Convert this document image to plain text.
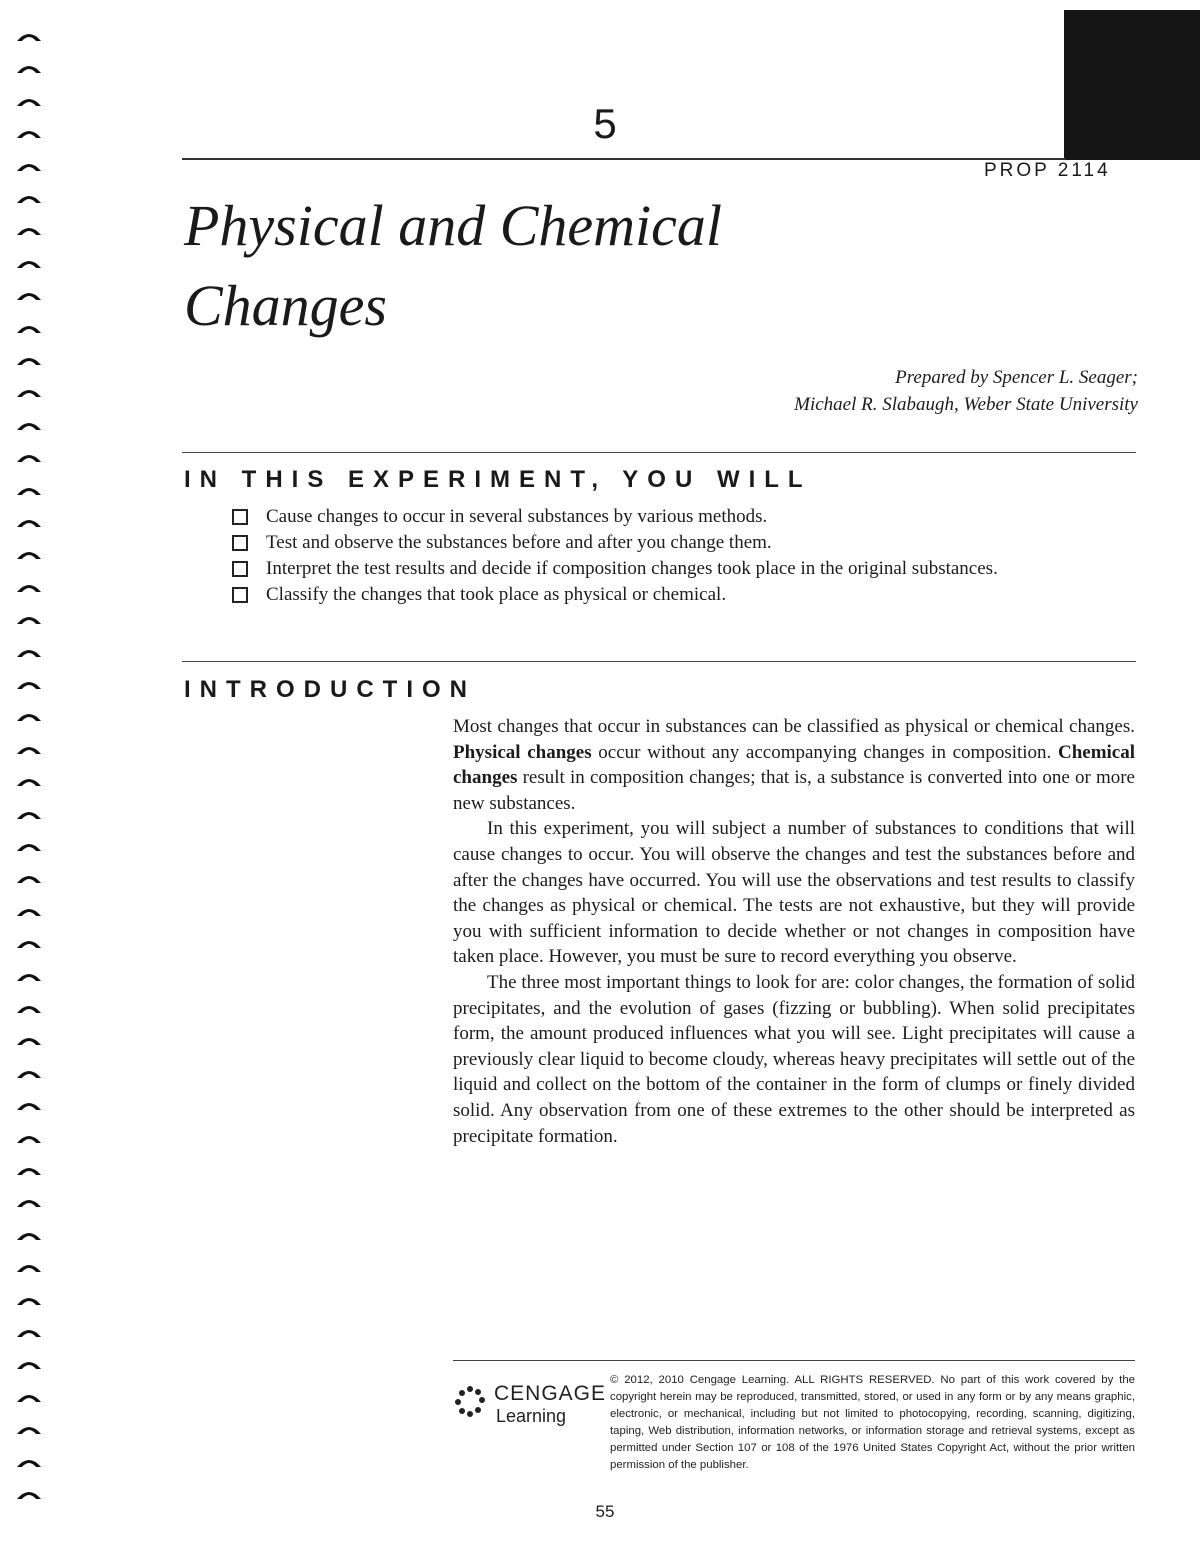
5
PROP 2114
Physical and Chemical
Changes
Prepared by Spencer L. Seager;
Michael R. Slabaugh, Weber State University
IN THIS EXPERIMENT, YOU WILL
Cause changes to occur in several substances by various methods.
Test and observe the substances before and after you change them.
Interpret the test results and decide if composition changes took place in the original substances.
Classify the changes that took place as physical or chemical.
INTRODUCTION

Most changes that occur in substances can be classified as physical or chemical changes. Physical changes occur without any accompanying changes in composition. Chemical changes result in composition changes; that is, a substance is converted into one or more new substances.

In this experiment, you will subject a number of substances to conditions that will cause changes to occur. You will observe the changes and test the substances before and after the changes have occurred. You will use the observations and test results to classify the changes as physical or chemical. The tests are not exhaustive, but they will provide you with sufficient information to decide whether or not changes in composition have taken place. However, you must be sure to record everything you observe.

The three most important things to look for are: color changes, the formation of solid precipitates, and the evolution of gases (fizzing or bubbling). When solid precipitates form, the amount produced influences what you will see. Light precipitates will cause a previously clear liquid to become cloudy, whereas heavy precipitates will settle out of the liquid and collect on the bottom of the container in the form of clumps or finely divided solid. Any observation from one of these extremes to the other should be interpreted as precipitate formation.

CENGAGE
Learning
© 2012, 2010 Cengage Learning. ALL RIGHTS RESERVED. No part of this work covered by the copyright herein may be reproduced, transmitted, stored, or used in any form or by any means graphic, electronic, or mechanical, including but not limited to photocopying, recording, scanning, digitizing, taping, Web distribution, information networks, or information storage and retrieval systems, except as permitted under Section 107 or 108 of the 1976 United States Copyright Act, without the prior written permission of the publisher.
55
